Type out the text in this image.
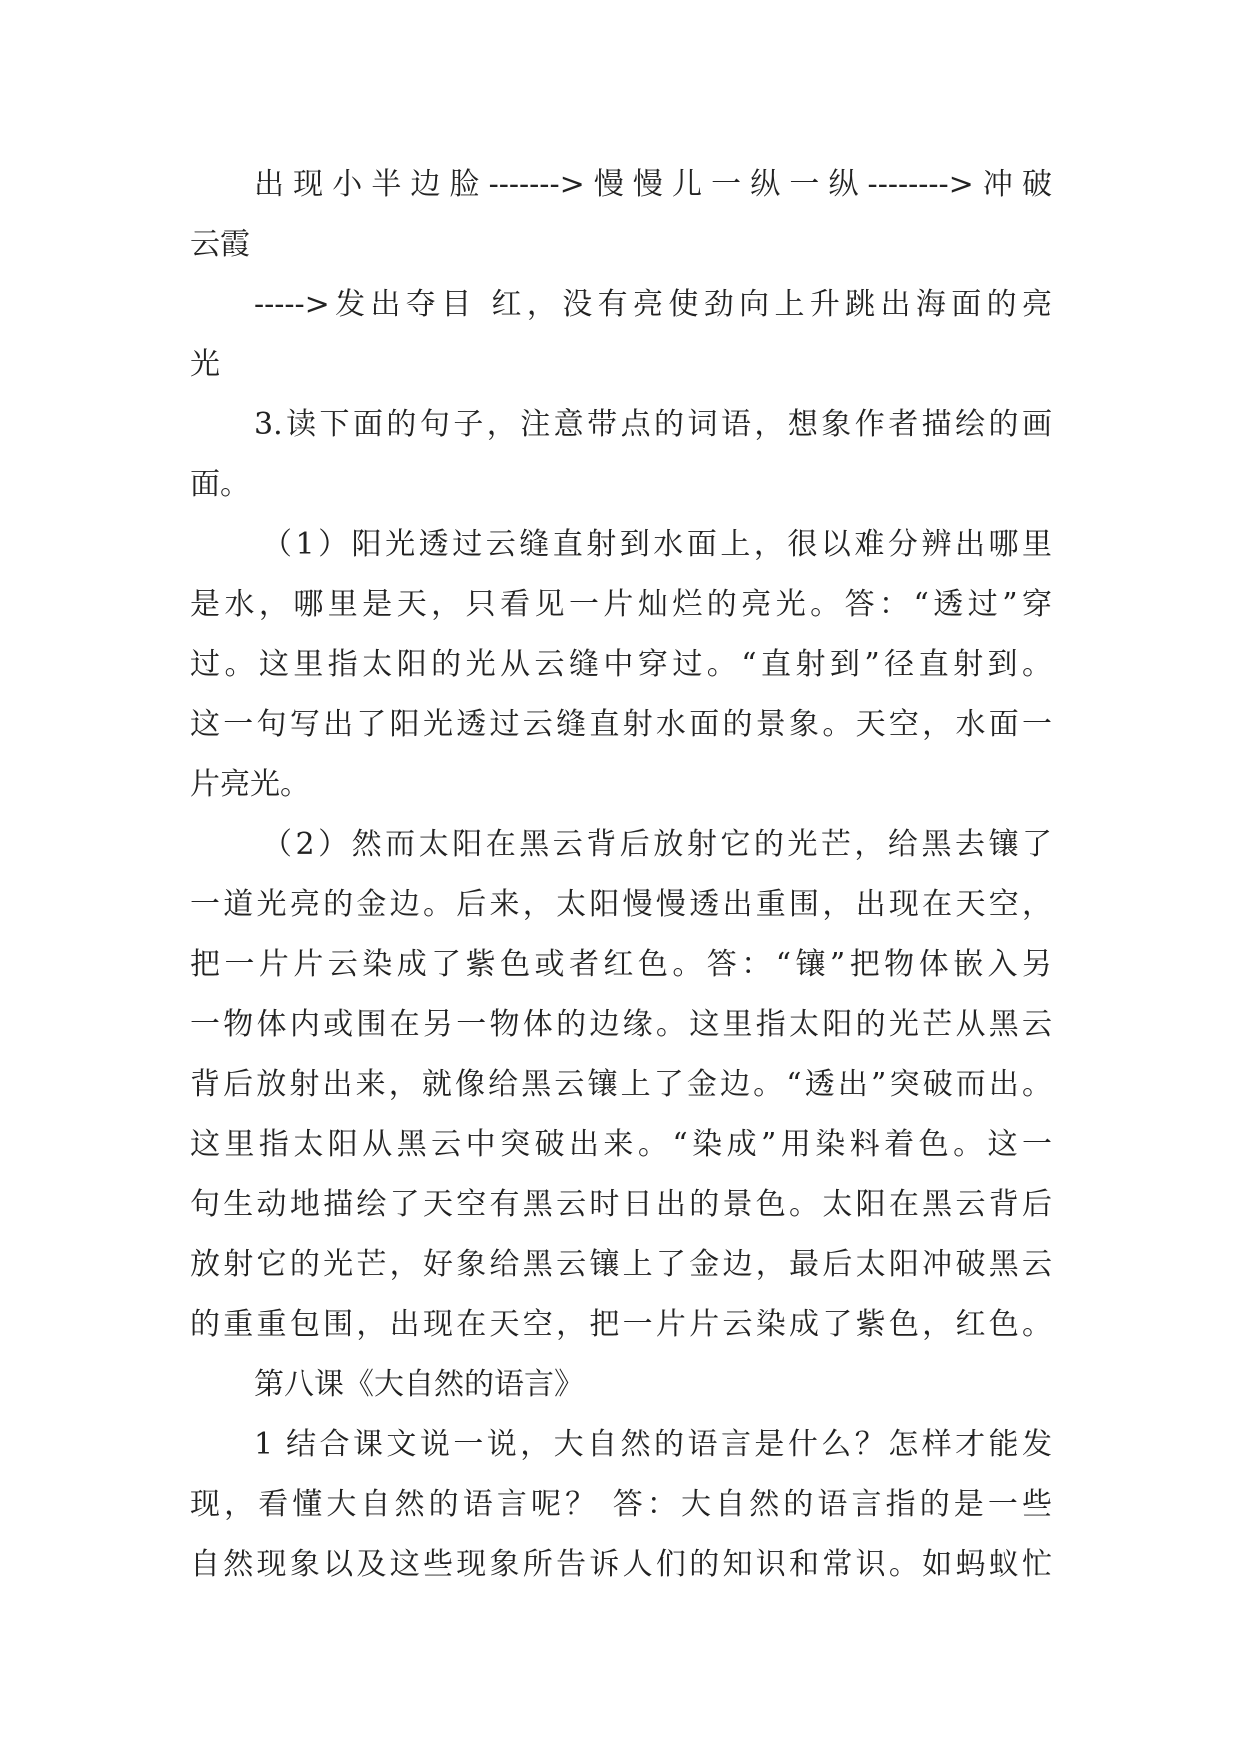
出现小半边脸------->慢慢儿一纵一纵-------->冲破
云霞
----->发出夺目 红，没有亮使劲向上升跳出海面的亮
光
3.读下面的句子，注意带点的词语，想象作者描绘的画
面。
（1）阳光透过云缝直射到水面上，很以难分辨出哪里
是水，哪里是天，只看见一片灿烂的亮光。答：“透过”穿
过。这里指太阳的光从云缝中穿过。“直射到”径直射到。
这一句写出了阳光透过云缝直射水面的景象。天空，水面一
片亮光。
（2）然而太阳在黑云背后放射它的光芒，给黑去镶了
一道光亮的金边。后来，太阳慢慢透出重围，出现在天空，
把一片片云染成了紫色或者红色。答：“镶”把物体嵌入另
一物体内或围在另一物体的边缘。这里指太阳的光芒从黑云
背后放射出来，就像给黑云镶上了金边。“透出”突破而出。
这里指太阳从黑云中突破出来。“染成”用染料着色。这一
句生动地描绘了天空有黑云时日出的景色。太阳在黑云背后
放射它的光芒，好象给黑云镶上了金边，最后太阳冲破黑云
的重重包围，出现在天空，把一片片云染成了紫色，红色。
第八课《大自然的语言》
1 结合课文说一说，大自然的语言是什么？怎样才能发
现，看懂大自然的语言呢？ 答：大自然的语言指的是一些
自然现象以及这些现象所告诉人们的知识和常识。如蚂蚁忙
